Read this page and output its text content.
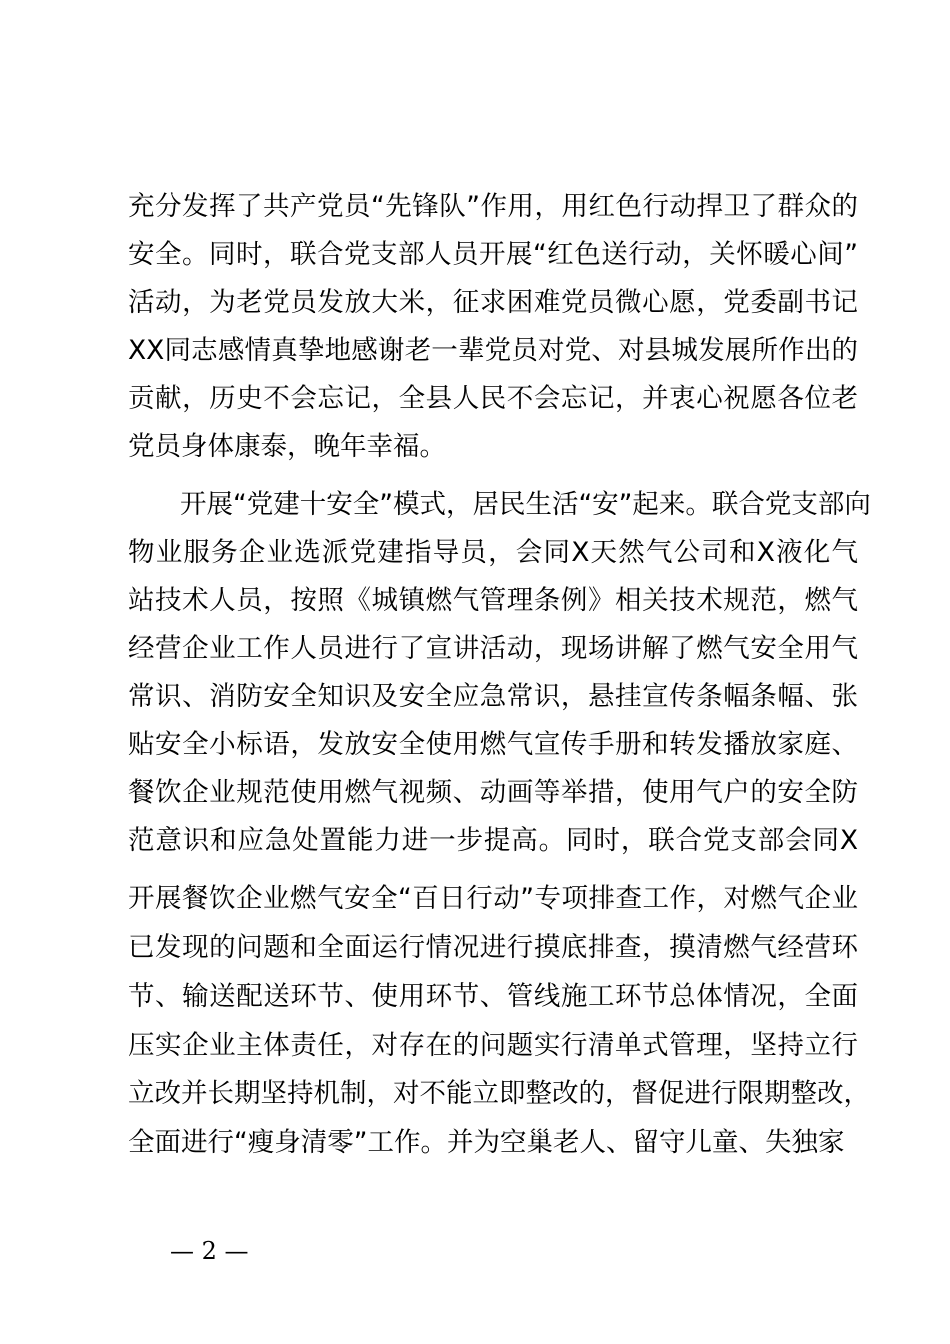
充分发挥了共产党员“先锋队”作用，用红色行动捍卫了群众的
安全。同时，联合党支部人员开展“红色送行动，关怀暖心间”
活动，为老党员发放大米，征求困难党员微心愿，党委副书记
XX同志感情真挚地感谢老一辈党员对党、对县城发展所作出的
贡献，历史不会忘记，全县人民不会忘记，并衷心祝愿各位老
党员身体康泰，晚年幸福。
开展“党建十安全”模式，居民生活“安”起来。联合党支部向
物业服务企业选派党建指导员，会同X天然气公司和X液化气
站技术人员，按照《城镇燃气管理条例》相关技术规范，燃气
经营企业工作人员进行了宣讲活动，现场讲解了燃气安全用气
常识、消防安全知识及安全应急常识，悬挂宣传条幅条幅、张
贴安全小标语，发放安全使用燃气宣传手册和转发播放家庭、
餐饮企业规范使用燃气视频、动画等举措，使用气户的安全防
范意识和应急处置能力进一步提高。同时，联合党支部会同X
开展餐饮企业燃气安全“百日行动”专项排查工作，对燃气企业
已发现的问题和全面运行情况进行摸底排查，摸清燃气经营环
节、输送配送环节、使用环节、管线施工环节总体情况，全面
压实企业主体责任，对存在的问题实行清单式管理，坚持立行
立改并长期坚持机制，对不能立即整改的，督促进行限期整改，
全面进行“瘦身清零”工作。并为空巢老人、留守儿童、失独家
— 2 —
